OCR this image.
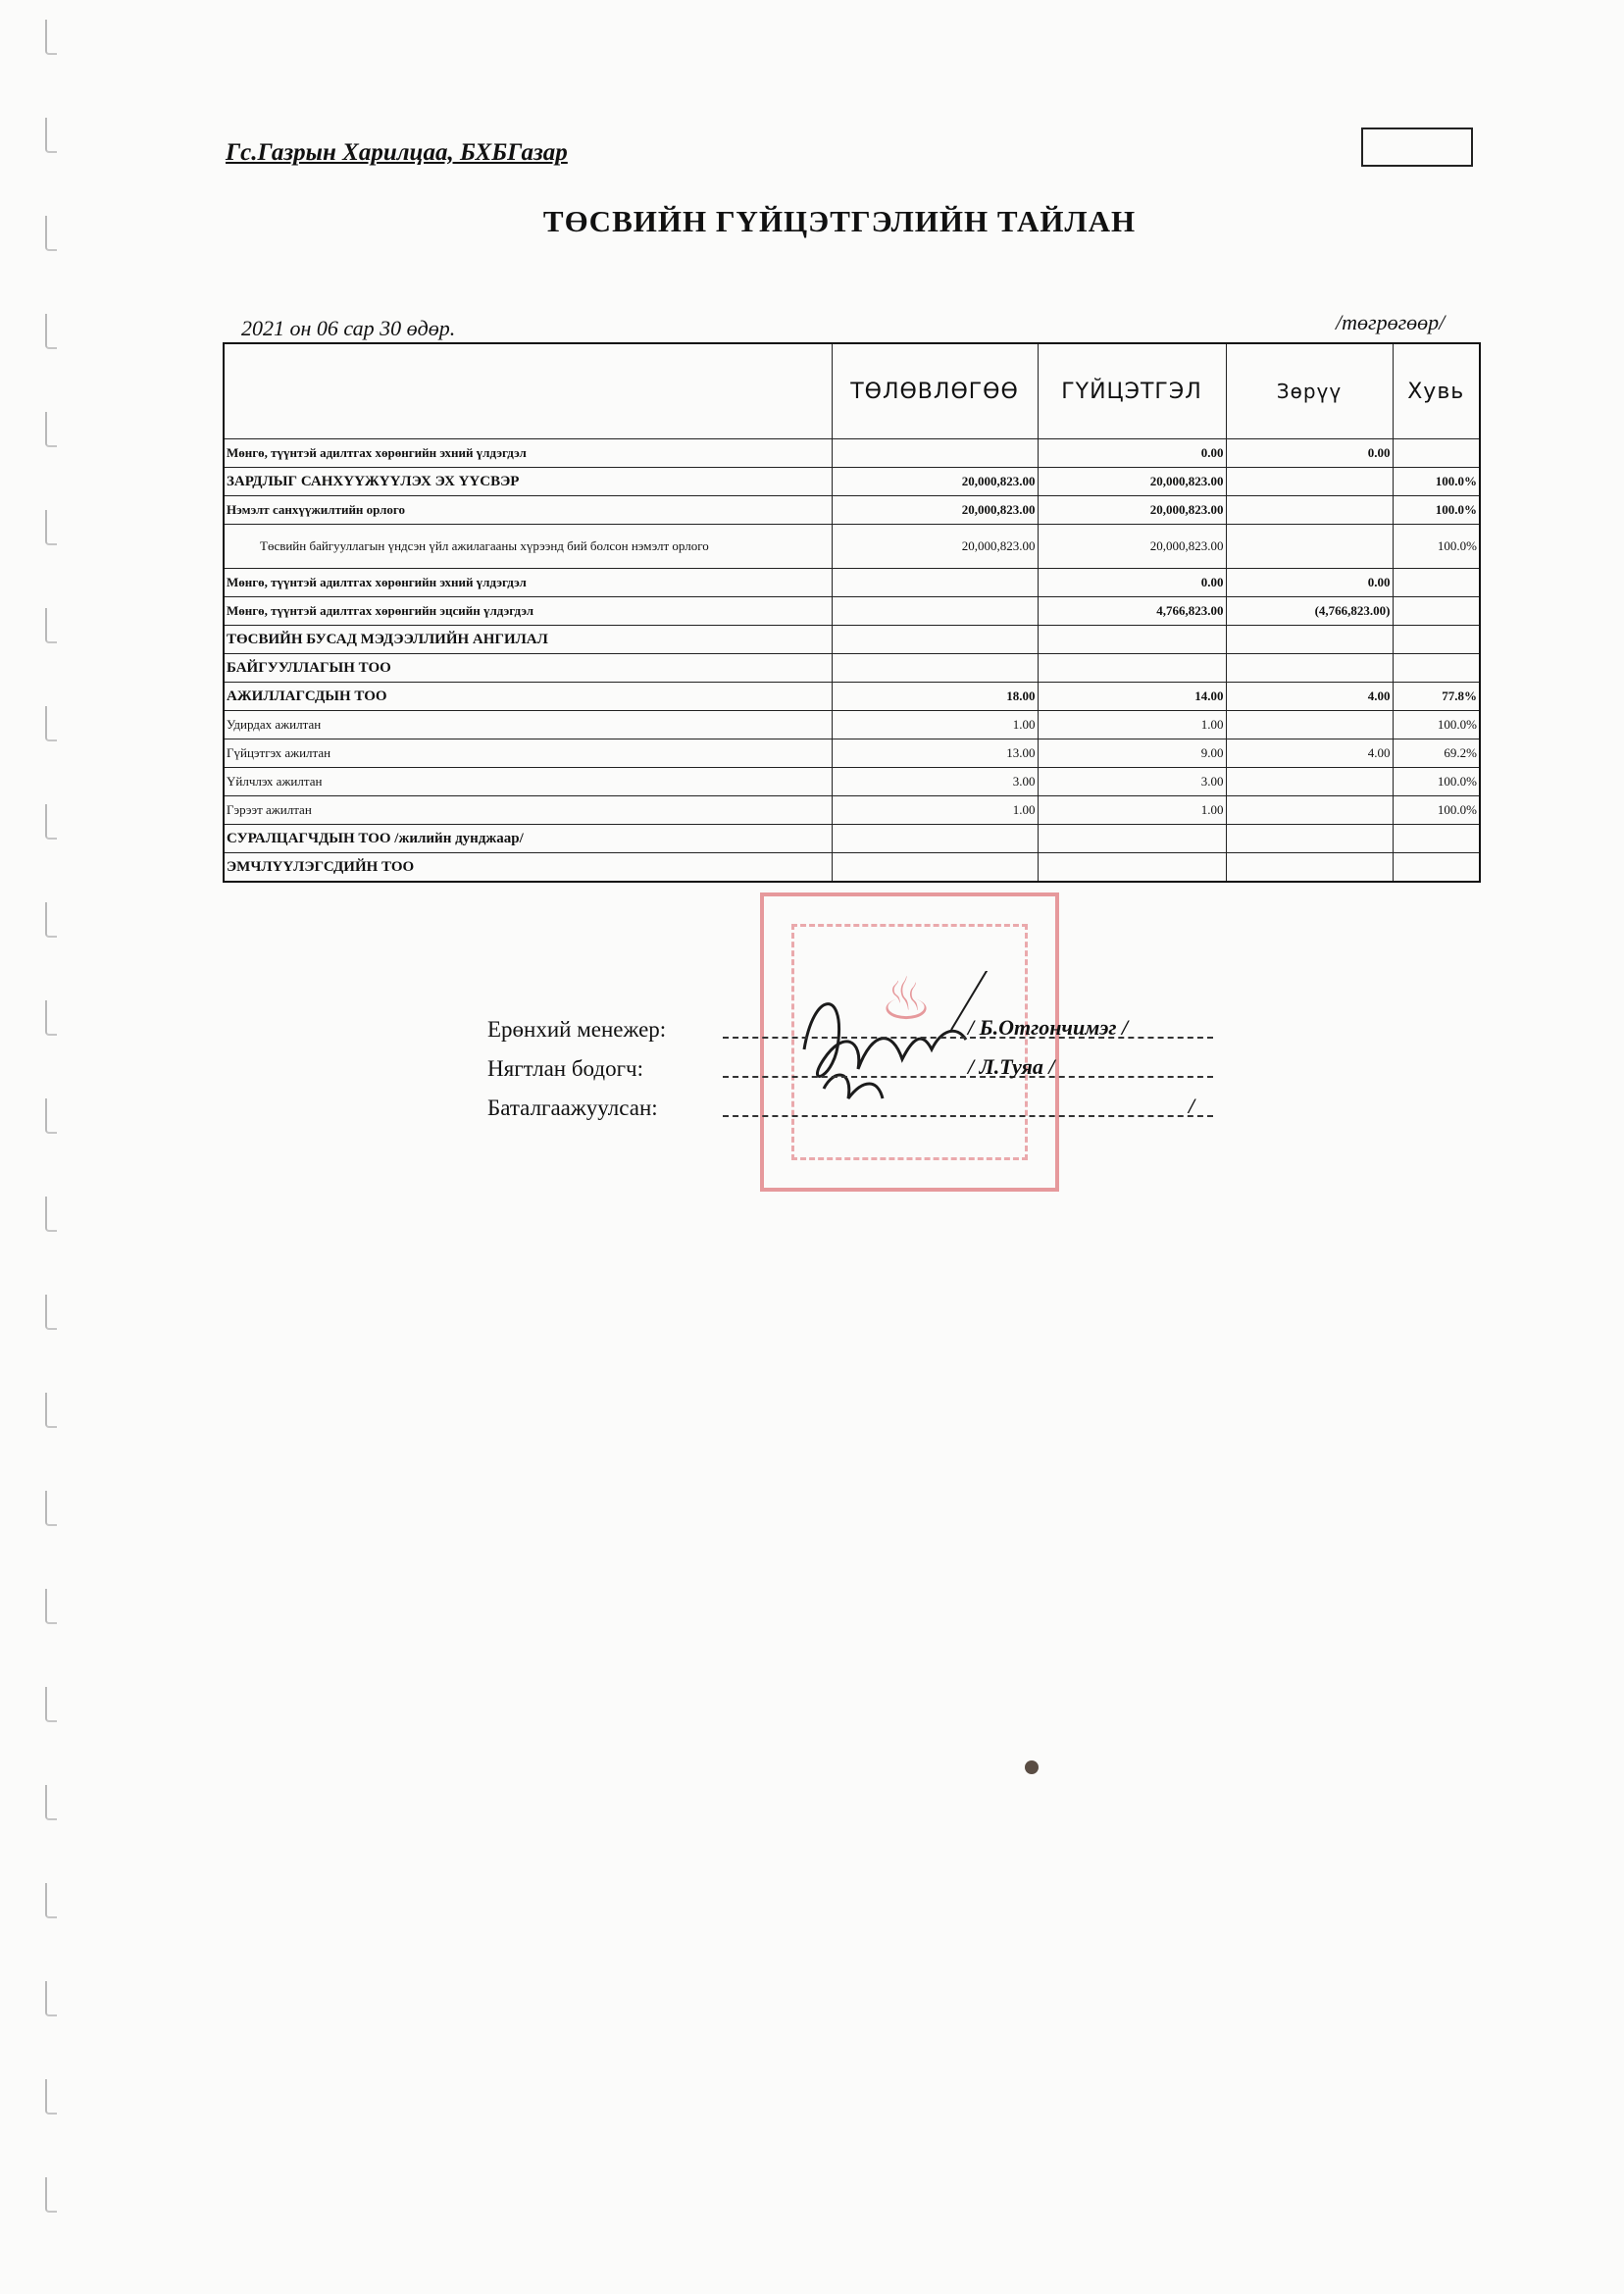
Гс.Газрын Харилцаа, БХБГазар
ТӨСВИЙН ГҮЙЦЭТГЭЛИЙН ТАЙЛАН
2021 он 06 сар 30 өдөр.	/төгрөгөөр/
	ТӨЛӨВЛӨГӨӨ	ГҮЙЦЭТГЭЛ	Зөрүү	Хувь
Мөнгө, түүнтэй адилтгах хөрөнгийн эхний үлдэгдэл		0.00	0.00	
ЗАРДЛЫГ САНХҮҮЖҮҮЛЭХ ЭХ ҮҮСВЭР	20,000,823.00	20,000,823.00		100.0%
Нэмэлт санхүүжилтийн орлого	20,000,823.00	20,000,823.00		100.0%
Төсвийн байгууллагын үндсэн үйл ажилагааны хүрээнд бий болсон нэмэлт орлого	20,000,823.00	20,000,823.00		100.0%
Мөнгө, түүнтэй адилтгах хөрөнгийн эхний үлдэгдэл		0.00	0.00	
Мөнгө, түүнтэй адилтгах хөрөнгийн эцсийн үлдэгдэл		4,766,823.00	(4,766,823.00)	
ТӨСВИЙН БУСАД МЭДЭЭЛЛИЙН АНГИЛАЛ				
БАЙГУУЛЛАГЫН ТОО				
АЖИЛЛАГСДЫН ТОО	18.00	14.00	4.00	77.8%
Удирдах ажилтан	1.00	1.00		100.0%
Гүйцэтгэх ажилтан	13.00	9.00	4.00	69.2%
Үйлчлэх ажилтан	3.00	3.00		100.0%
Гэрээт ажилтан	1.00	1.00		100.0%
СУРАЛЦАГЧДЫН ТОО /жилийн дунджаар/				
ЭМЧЛҮҮЛЭГСДИЙН ТОО				
♨
Ерөнхий менежер:	/ Б.Отгончимэг /
Нягтлан бодогч:	/ Л.Туяа /
Баталгаажуулсан:	/
